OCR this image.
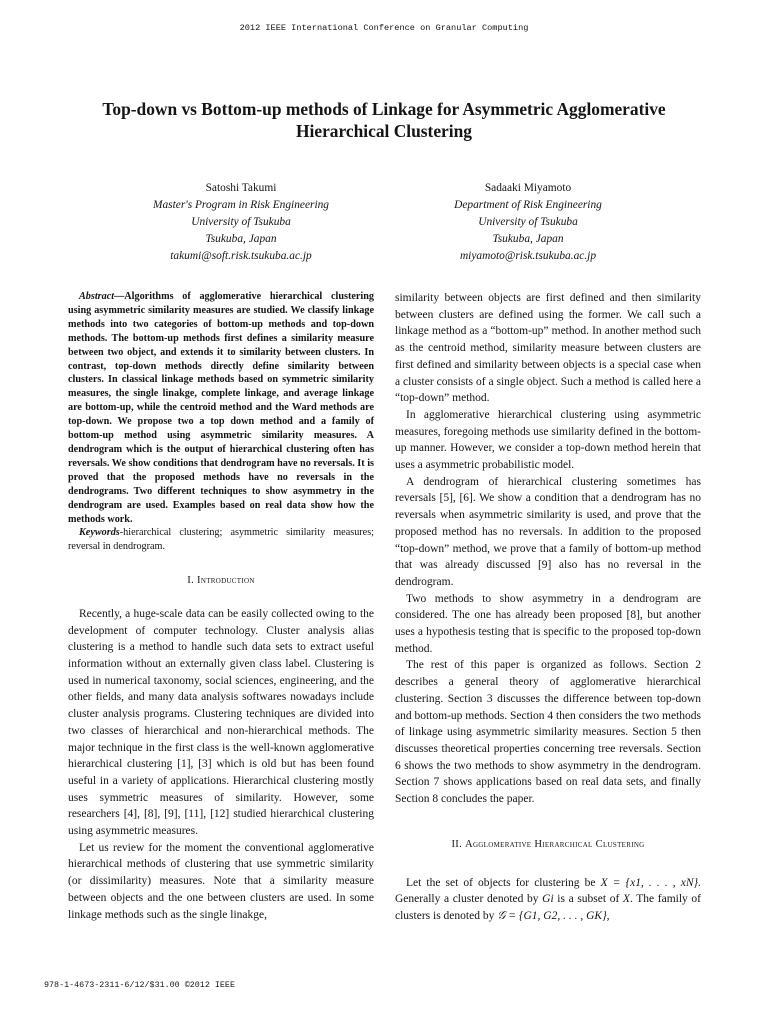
2012 IEEE International Conference on Granular Computing
Top-down vs Bottom-up methods of Linkage for Asymmetric Agglomerative Hierarchical Clustering
Satoshi Takumi
Master's Program in Risk Engineering
University of Tsukuba
Tsukuba, Japan
takumi@soft.risk.tsukuba.ac.jp
Sadaaki Miyamoto
Department of Risk Engineering
University of Tsukuba
Tsukuba, Japan
miyamoto@risk.tsukuba.ac.jp

Abstract—Algorithms of agglomerative hierarchical clustering using asymmetric similarity measures are studied. We classify linkage methods into two categories of bottom-up methods and top-down methods. The bottom-up methods first defines a similarity measure between two object, and extends it to similarity between clusters. In contrast, top-down methods directly define similarity between clusters. In classical linkage methods based on symmetric similarity measures, the single linakge, complete linkage, and average linkage are bottom-up, while the centroid method and the Ward methods are top-down. We propose two a top down method and a family of bottom-up method using asymmetric similarity measures. A dendrogram which is the output of hierarchical clustering often has reversals. We show conditions that dendrogram have no reversals. It is proved that the proposed methods have no reversals in the dendrograms. Two different techniques to show asymmetry in the dendrogram are used. Examples based on real data show how the methods work.

Keywords-hierarchical clustering; asymmetric similarity measures; reversal in dendrogram.

I. Introduction

Recently, a huge-scale data can be easily collected owing to the development of computer technology. Cluster analysis alias clustering is a method to handle such data sets to extract useful information without an externally given class label. Clustering is used in numerical taxonomy, social sciences, engineering, and the other fields, and many data analysis softwares nowadays include cluster analysis programs. Clustering techniques are divided into two classes of hierarchical and non-hierarchical methods. The major technique in the first class is the well-known agglomerative hierarchical clustering [1], [3] which is old but has been found useful in a variety of applications. Hierarchical clustering mostly uses symmetric measures of similarity. However, some researchers [4], [8], [9], [11], [12] studied hierarchical clustering using asymmetric measures.

Let us review for the moment the conventional agglomerative hierarchical methods of clustering that use symmetric similarity (or dissimilarity) measures. Note that a similarity measure between objects and the one between clusters are used. In some linkage methods such as the single linakge,

similarity between objects are first defined and then similarity between clusters are defined using the former. We call such a linkage method as a “bottom-up” method. In another method such as the centroid method, similarity measure between clusters are first defined and similarity between objects is a special case when a cluster consists of a single object. Such a method is called here a “top-down” method.

In agglomerative hierarchical clustering using asymmetric measures, foregoing methods use similarity defined in the bottom-up manner. However, we consider a top-down method herein that uses a asymmetric probabilistic model.

A dendrogram of hierarchical clustering sometimes has reversals [5], [6]. We show a condition that a dendrogram has no reversals when asymmetric similarity is used, and prove that the proposed method has no reversals. In addition to the proposed “top-down” method, we prove that a family of bottom-up method that was already discussed [9] also has no reversal in the dendrogram.

Two methods to show asymmetry in a dendrogram are considered. The one has already been proposed [8], but another uses a hypothesis testing that is specific to the proposed top-down method.

The rest of this paper is organized as follows. Section 2 describes a general theory of agglomerative hierarchical clustering. Section 3 discusses the difference between top-down and bottom-up methods. Section 4 then considers the two methods of linkage using asymmetric similarity measures. Section 5 then discusses theoretical properties concerning tree reversals. Section 6 shows the two methods to show asymmetry in the dendrogram. Section 7 shows applications based on real data sets, and finally Section 8 concludes the paper.

II. Agglomerative Hierarchical Clustering

Let the set of objects for clustering be X = {x1, . . . , xN}. Generally a cluster denoted by Gi is a subset of X. The family of clusters is denoted by 𝒢 = {G1, G2, . . . , GK},

978-1-4673-2311-6/12/$31.00 ©2012 IEEE
